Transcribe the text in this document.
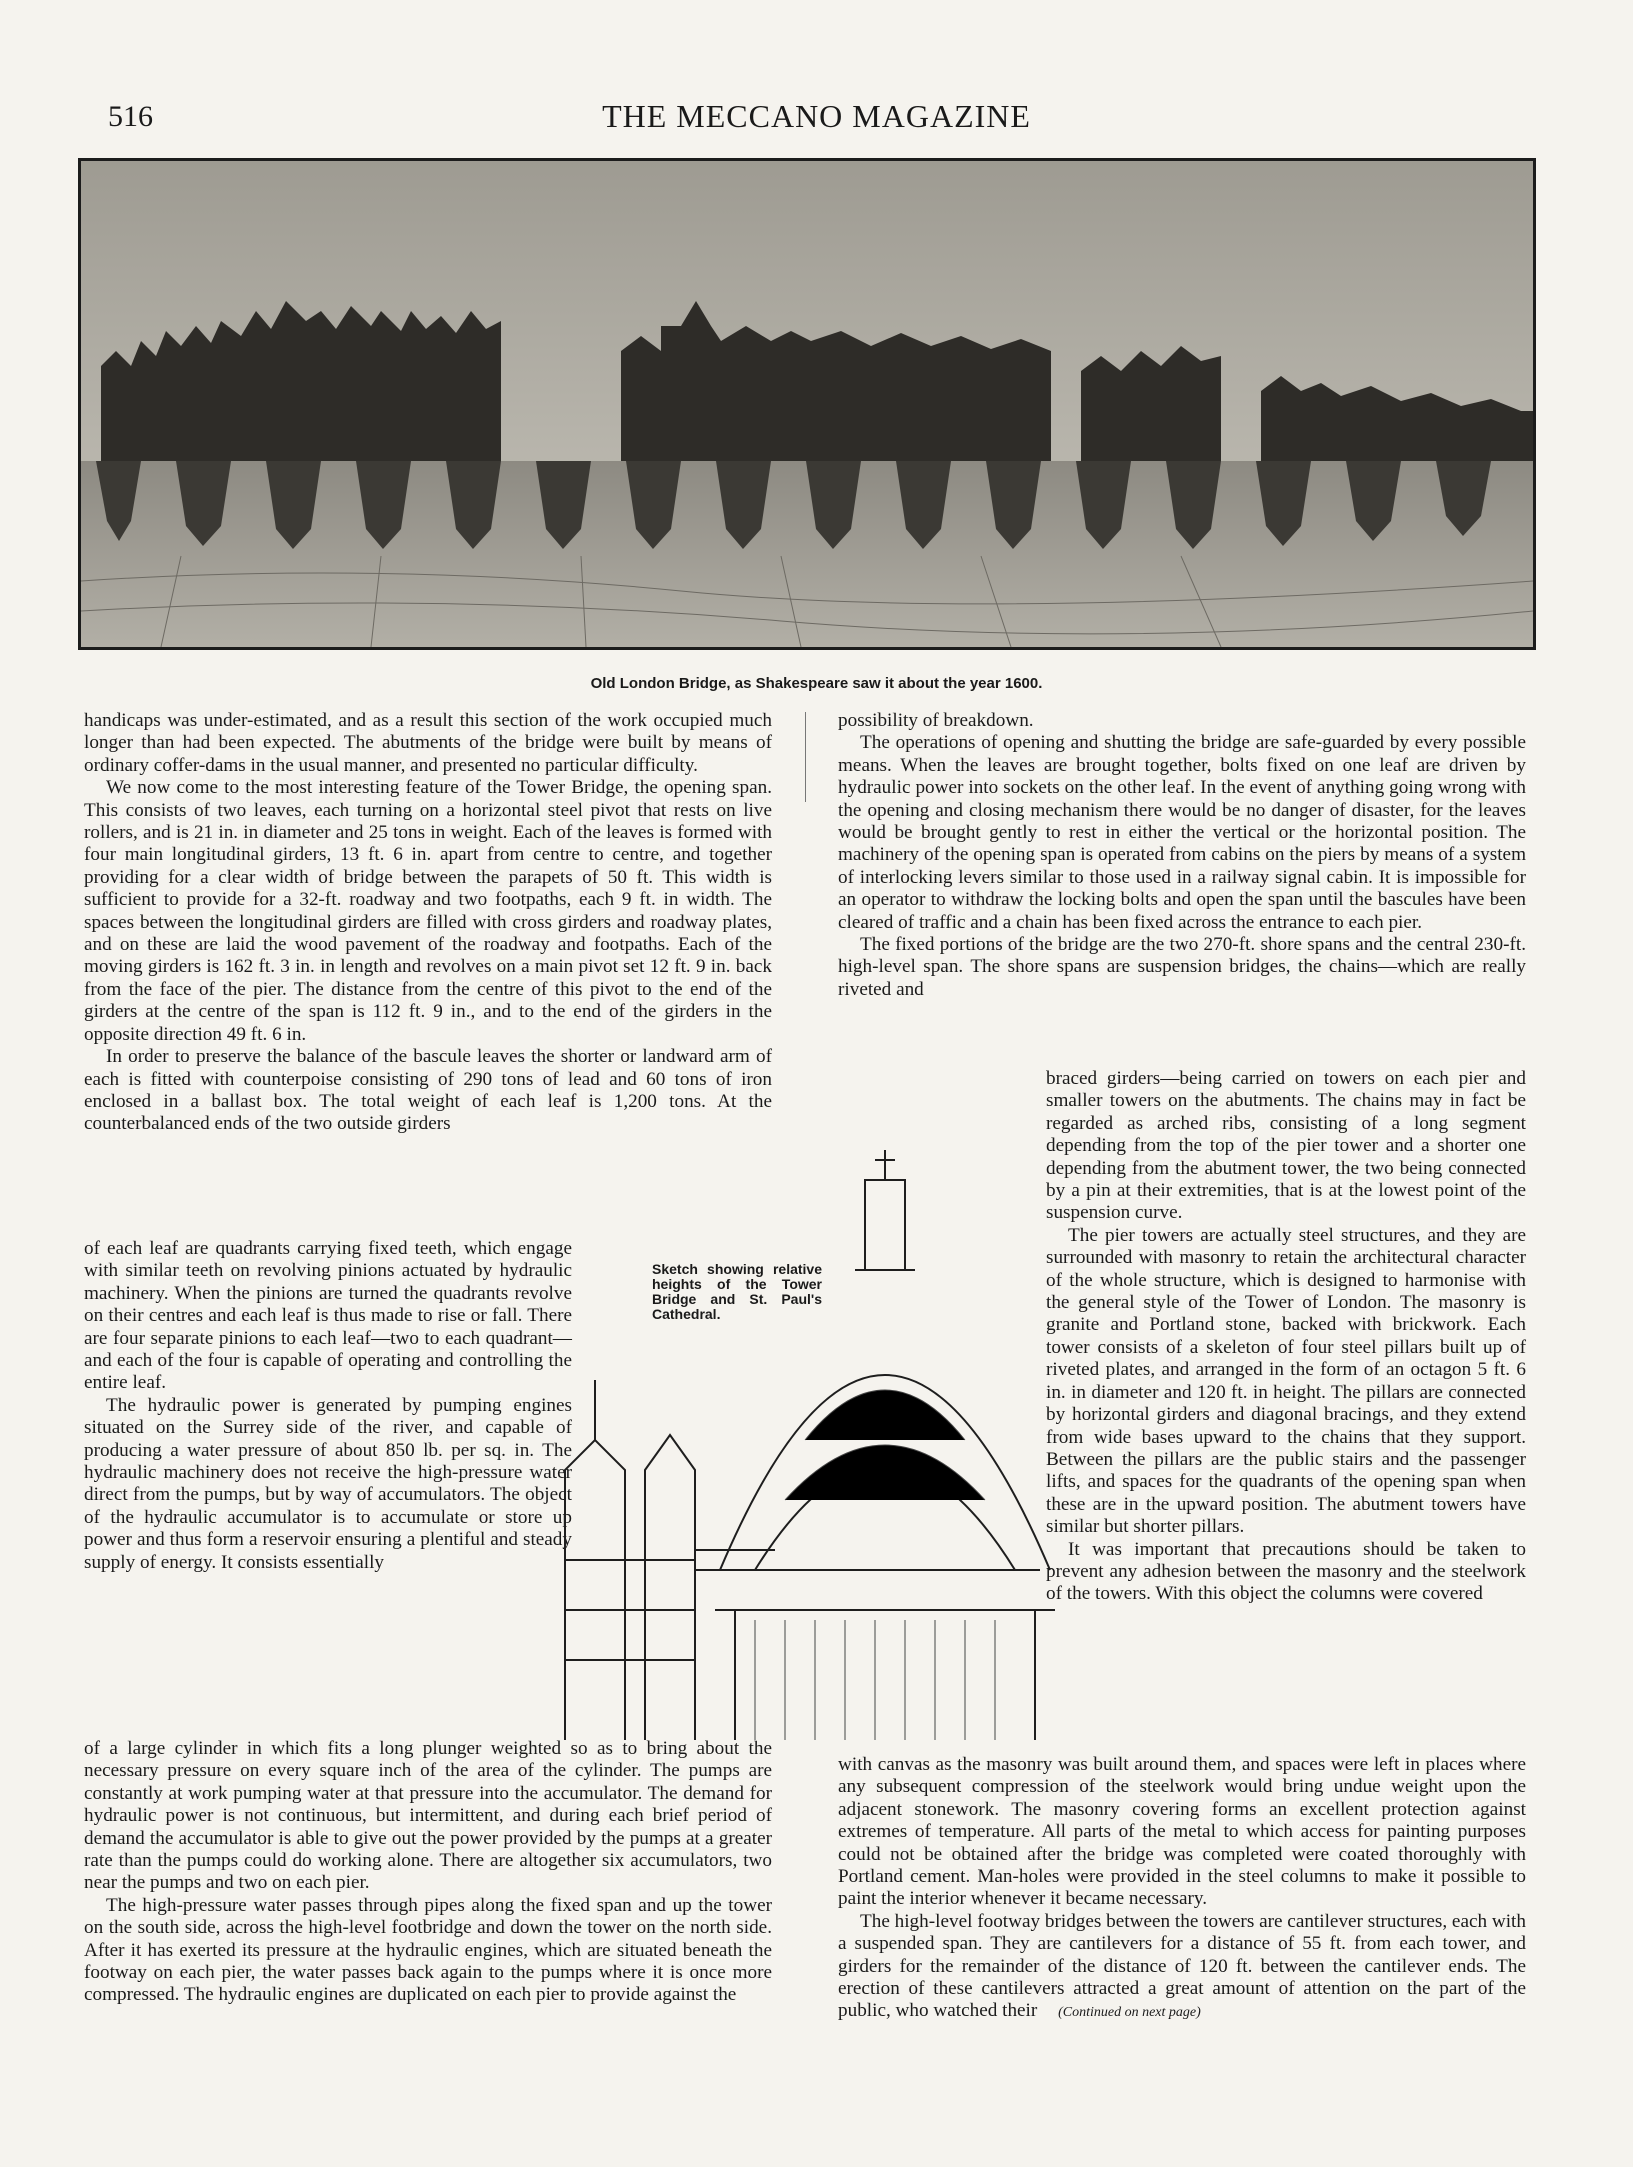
516	THE MECCANO MAGAZINE
Old London Bridge, as Shakespeare saw it about the year 1600.

handicaps was under-estimated, and as a result this section of the work occupied much longer than had been expected. The abutments of the bridge were built by means of ordinary coffer-dams in the usual manner, and presented no particular difficulty.

We now come to the most interesting feature of the Tower Bridge, the opening span. This consists of two leaves, each turning on a horizontal steel pivot that rests on live rollers, and is 21 in. in diameter and 25 tons in weight. Each of the leaves is formed with four main longitudinal girders, 13 ft. 6 in. apart from centre to centre, and together providing for a clear width of bridge between the parapets of 50 ft. This width is sufficient to provide for a 32-ft. roadway and two footpaths, each 9 ft. in width. The spaces between the longitudinal girders are filled with cross girders and roadway plates, and on these are laid the wood pavement of the roadway and footpaths. Each of the moving girders is 162 ft. 3 in. in length and revolves on a main pivot set 12 ft. 9 in. back from the face of the pier. The distance from the centre of this pivot to the end of the girders at the centre of the span is 112 ft. 9 in., and to the end of the girders in the opposite direction 49 ft. 6 in.

In order to preserve the balance of the bascule leaves the shorter or landward arm of each is fitted with counterpoise consisting of 290 tons of lead and 60 tons of iron enclosed in a ballast box. The total weight of each leaf is 1,200 tons. At the counterbalanced ends of the two outside girders

of each leaf are quadrants carrying fixed teeth, which engage with similar teeth on revolving pinions actuated by hydraulic machinery. When the pinions are turned the quadrants revolve on their centres and each leaf is thus made to rise or fall. There are four separate pinions to each leaf—two to each quadrant—and each of the four is capable of operating and controlling the entire leaf.

The hydraulic power is generated by pumping engines situated on the Surrey side of the river, and capable of producing a water pressure of about 850 lb. per sq. in. The hydraulic machinery does not receive the high-pressure water direct from the pumps, but by way of accumulators. The object of the hydraulic accumulator is to accumulate or store up power and thus form a reservoir ensuring a plentiful and steady supply of energy. It consists essentially

of a large cylinder in which fits a long plunger weighted so as to bring about the necessary pressure on every square inch of the area of the cylinder. The pumps are constantly at work pumping water at that pressure into the accumulator. The demand for hydraulic power is not continuous, but intermittent, and during each brief period of demand the accumulator is able to give out the power provided by the pumps at a greater rate than the pumps could do working alone. There are altogether six accumulators, two near the pumps and two on each pier.

The high-pressure water passes through pipes along the fixed span and up the tower on the south side, across the high-level footbridge and down the tower on the north side. After it has exerted its pressure at the hydraulic engines, which are situated beneath the footway on each pier, the water passes back again to the pumps where it is once more compressed. The hydraulic engines are duplicated on each pier to provide against the

possibility of breakdown.

The operations of opening and shutting the bridge are safe-guarded by every possible means. When the leaves are brought together, bolts fixed on one leaf are driven by hydraulic power into sockets on the other leaf. In the event of anything going wrong with the opening and closing mechanism there would be no danger of disaster, for the leaves would be brought gently to rest in either the vertical or the horizontal position. The machinery of the opening span is operated from cabins on the piers by means of a system of interlocking levers similar to those used in a railway signal cabin. It is impossible for an operator to withdraw the locking bolts and open the span until the bascules have been cleared of traffic and a chain has been fixed across the entrance to each pier.

The fixed portions of the bridge are the two 270-ft. shore spans and the central 230-ft. high-level span. The shore spans are suspension bridges, the chains—which are really riveted and

braced girders—being carried on towers on each pier and smaller towers on the abutments. The chains may in fact be regarded as arched ribs, consisting of a long segment depending from the top of the pier tower and a shorter one depending from the abutment tower, the two being connected by a pin at their extremities, that is at the lowest point of the suspension curve.

The pier towers are actually steel structures, and they are surrounded with masonry to retain the architectural character of the whole structure, which is designed to harmonise with the general style of the Tower of London. The masonry is granite and Portland stone, backed with brickwork. Each tower consists of a skeleton of four steel pillars built up of riveted plates, and arranged in the form of an octagon 5 ft. 6 in. in diameter and 120 ft. in height. The pillars are connected by horizontal girders and diagonal bracings, and they extend from wide bases upward to the chains that they support. Between the pillars are the public stairs and the passenger lifts, and spaces for the quadrants of the opening span when these are in the upward position. The abutment towers have similar but shorter pillars.

It was important that precautions should be taken to prevent any adhesion between the masonry and the steelwork of the towers. With this object the columns were covered

with canvas as the masonry was built around them, and spaces were left in places where any subsequent compression of the steelwork would bring undue weight upon the adjacent stonework. The masonry covering forms an excellent protection against extremes of temperature. All parts of the metal to which access for painting purposes could not be obtained after the bridge was completed were coated thoroughly with Portland cement. Man-holes were provided in the steel columns to make it possible to paint the interior whenever it became necessary.

The high-level footway bridges between the towers are cantilever structures, each with a suspended span. They are cantilevers for a distance of 55 ft. from each tower, and girders for the remainder of the distance of 120 ft. between the cantilever ends. The erection of these cantilevers attracted a great amount of attention on the part of the public, who watched their (Continued on next page)

Sketch showing relative heights of the Tower Bridge and St. Paul's Cathedral.
